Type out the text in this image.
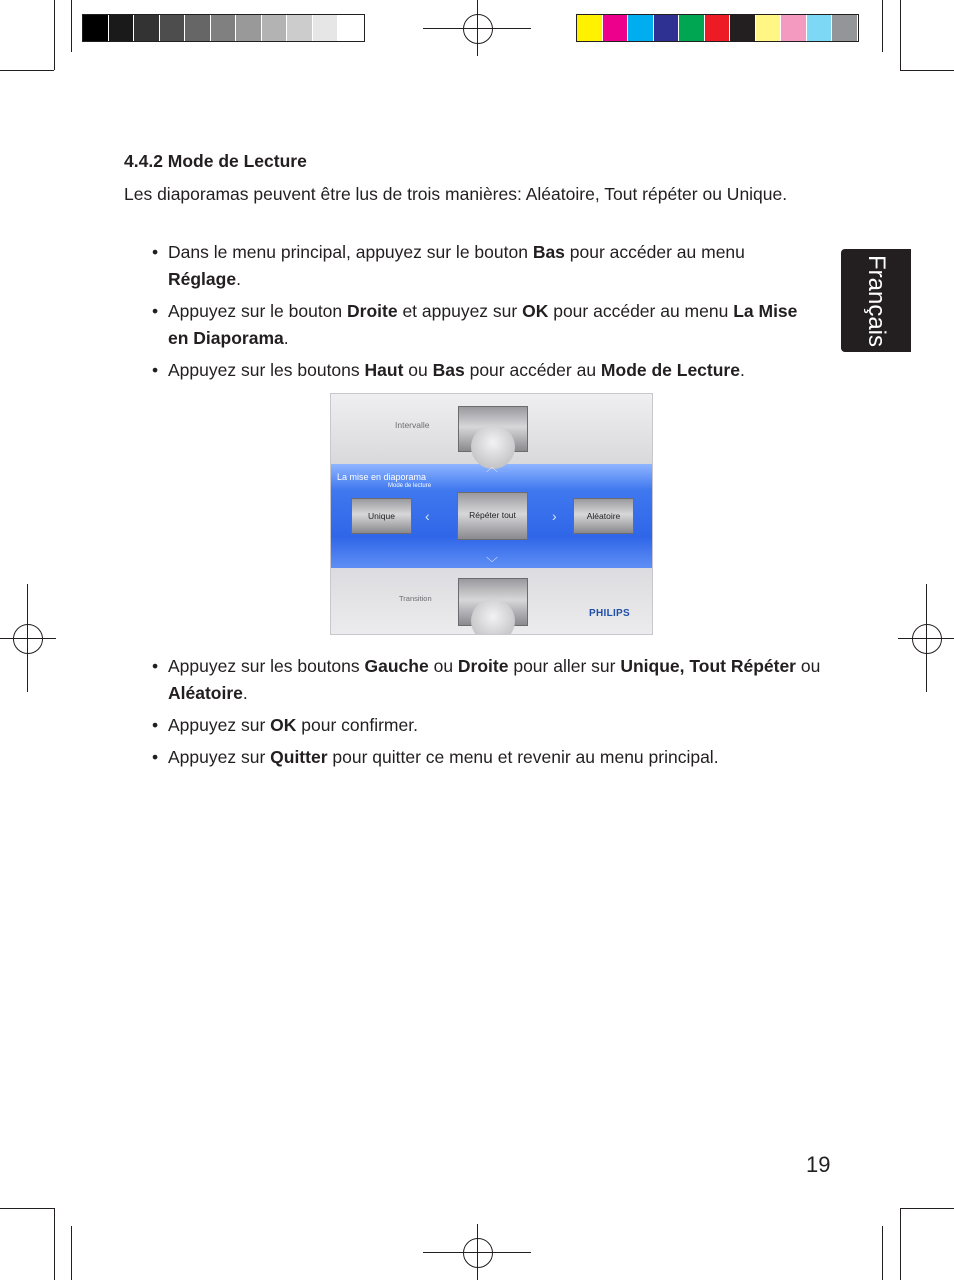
Français
4.4.2 Mode de Lecture
Les diaporamas peuvent être lus de trois manières: Aléatoire, Tout répéter ou Unique.
• Dans le menu principal, appuyez sur le bouton Bas pour accéder au menu Réglage.
• Appuyez sur le bouton Droite et appuyez sur OK pour accéder au menu La Mise en Diaporama.
• Appuyez sur les boutons Haut ou Bas pour accéder au Mode de Lecture.
Intervalle
︿
La mise en diaporama
Mode de lecture
Unique	‹	Répéter tout	›	Aléatoire
﹀
Transition
PHILIPS
• Appuyez sur les boutons Gauche ou Droite pour aller sur Unique, Tout Répéter ou Aléatoire.
• Appuyez sur OK pour confirmer.
• Appuyez sur Quitter pour quitter ce menu et revenir au menu principal.
19
